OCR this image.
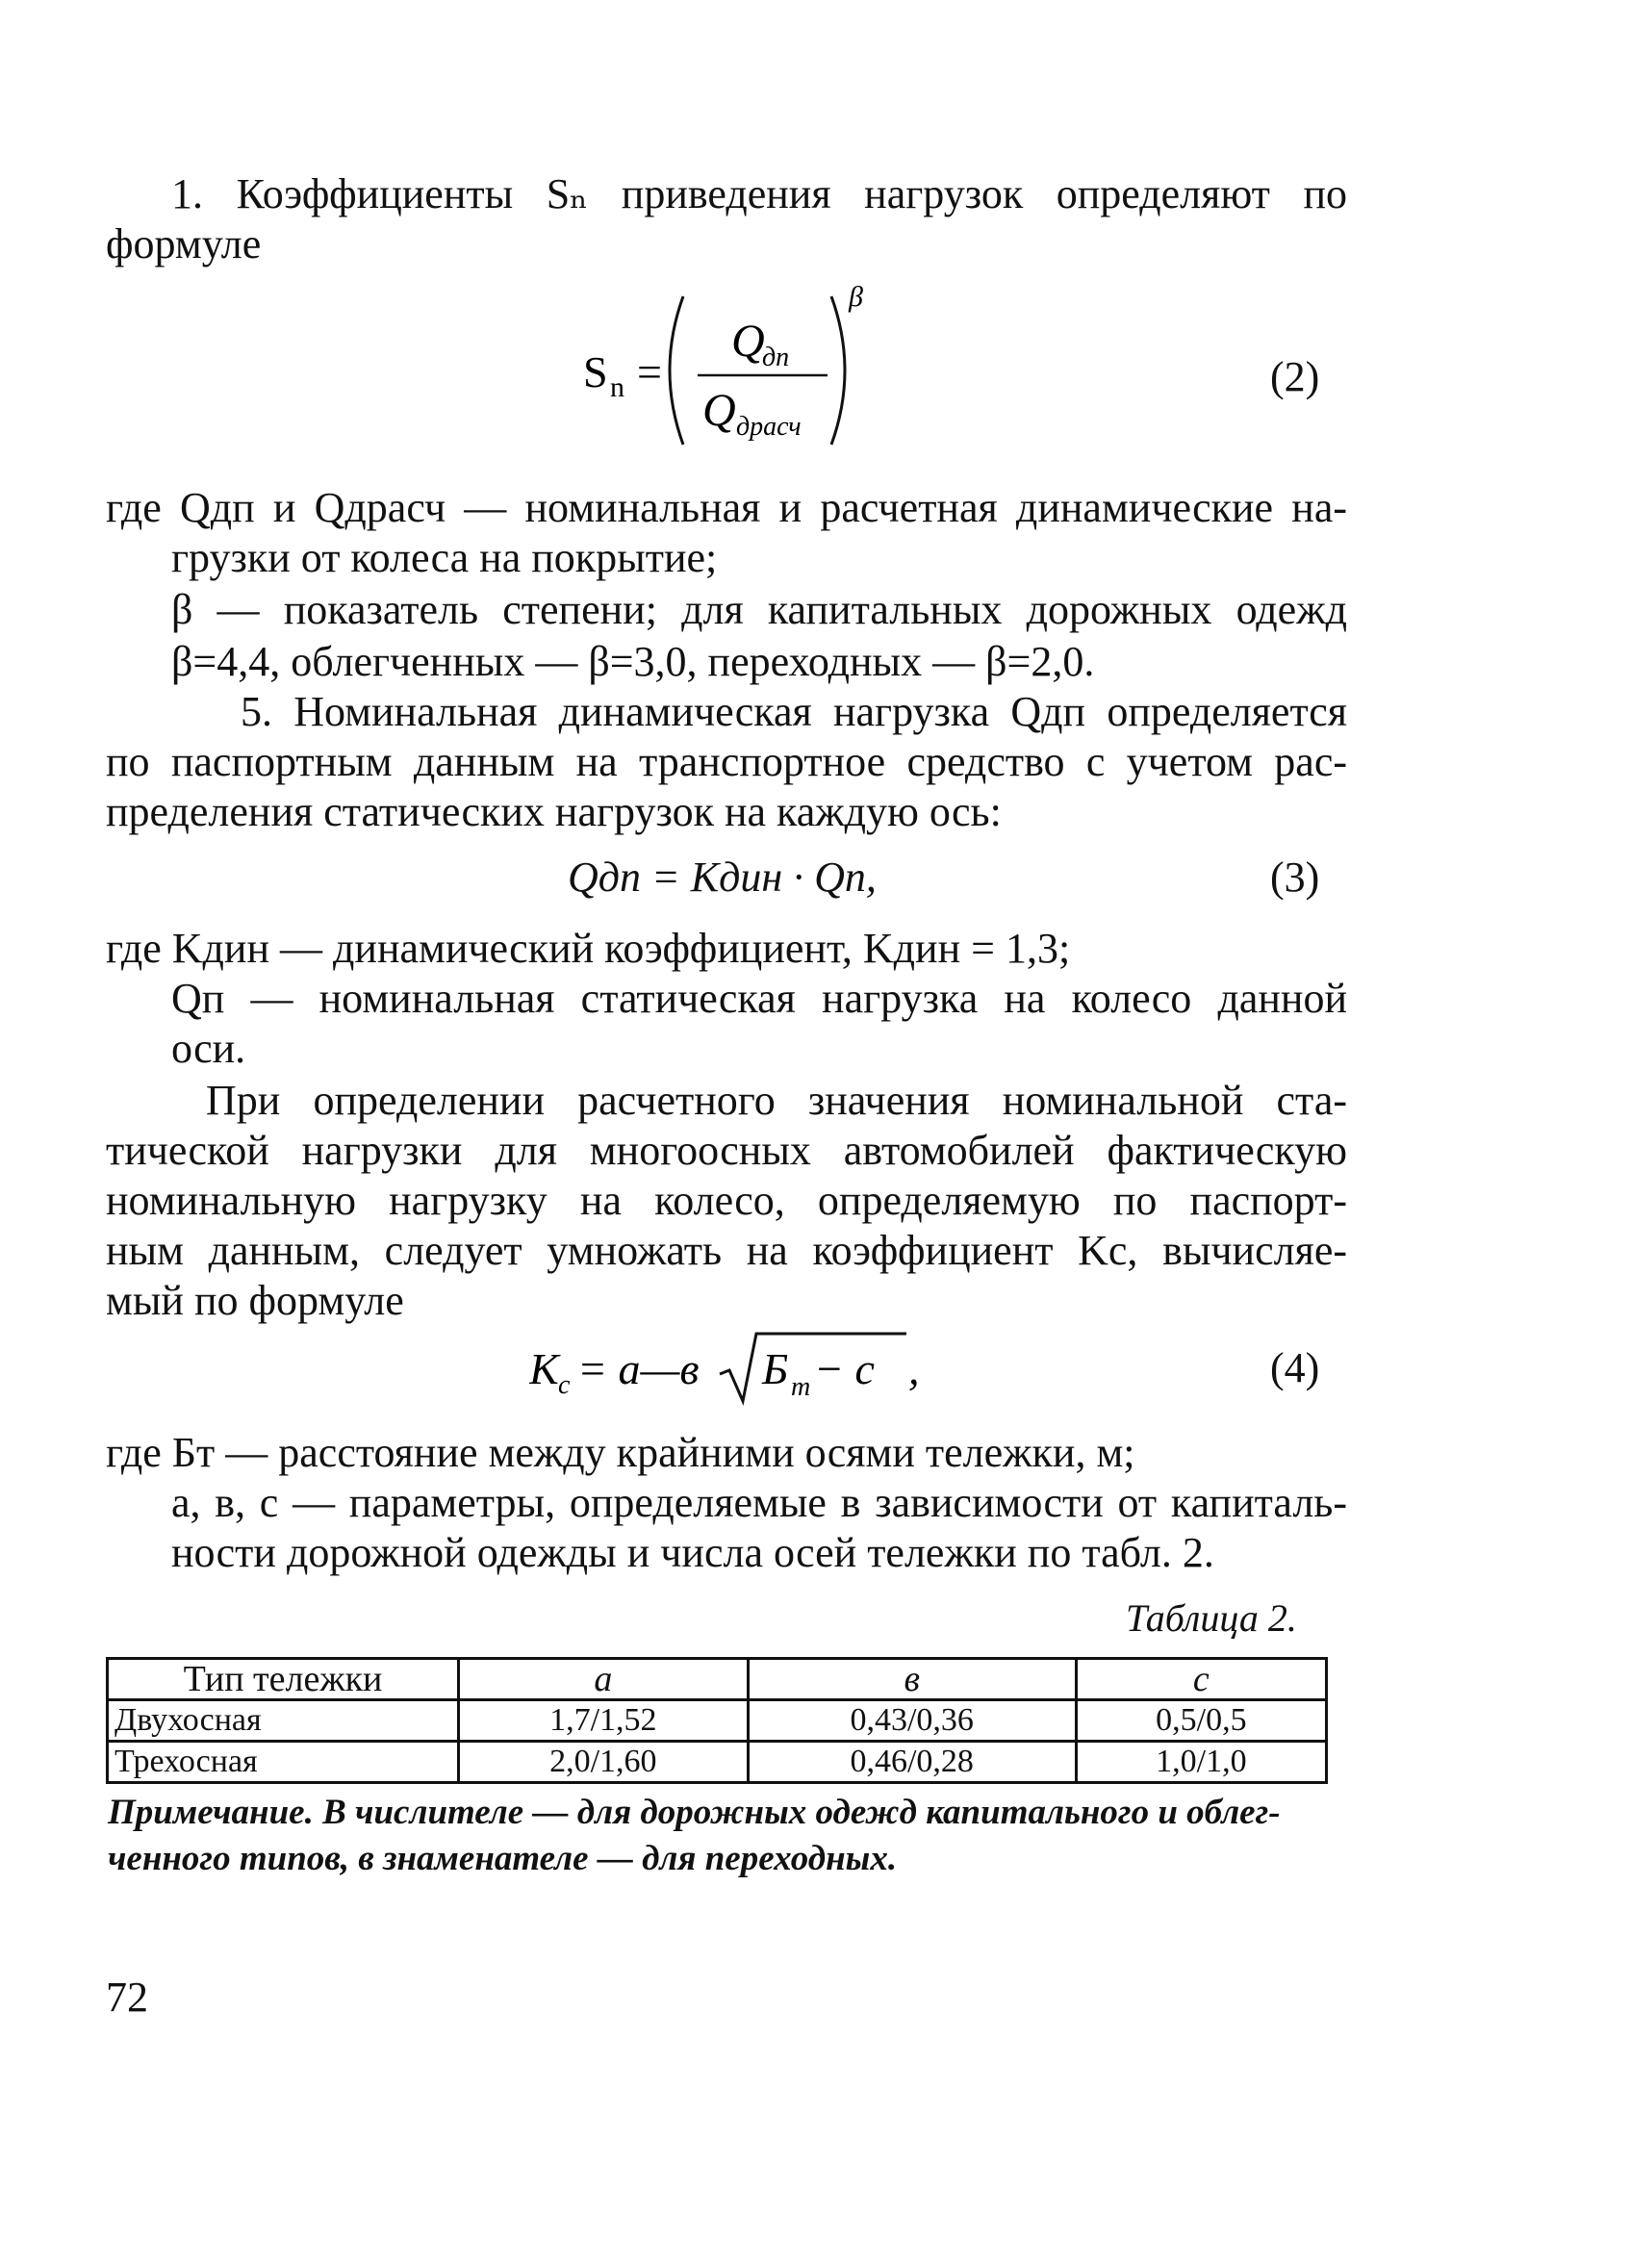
1. Коэффициенты Sₙ приведения нагрузок определяют по
формуле
S n =
Q
дп
Q драсч
β
(2)
где Qдп и Qдрасч — номинальная и расчетная динамические на-
грузки от колеса на покрытие;
β — показатель степени; для капитальных дорожных одежд
β=4,4, облегченных — β=3,0, переходных — β=2,0.
5. Номинальная динамическая нагрузка Qдп определяется
по паспортным данным на транспортное средство с учетом рас-
пределения статических нагрузок на каждую ось:
Qдп = Kдин · Qп,	(3)
где Kдин — динамический коэффициент, Kдин = 1,3;
Qп — номинальная статическая нагрузка на колесо данной
оси.
При определении расчетного значения номинальной ста-
тической нагрузки для многоосных автомобилей фактическую
номинальную нагрузку на колесо, определяемую по паспорт-
ным данным, следует умножать на коэффициент Kс, вычисляе-
мый по формуле
K c = a—в Б т − c ,	(4)
где Бт — расстояние между крайними осями тележки, м;
a, в, c — параметры, определяемые в зависимости от капиталь-
ности дорожной одежды и числа осей тележки по табл. 2.
Таблица 2.
Тип тележки	a	в	c
Двухосная	1,7/1,52	0,43/0,36	0,5/0,5
Трехосная	2,0/1,60	0,46/0,28	1,0/1,0
Примечание. В числителе — для дорожных одежд капитального и облег-
ченного типов, в знаменателе — для переходных.
72
